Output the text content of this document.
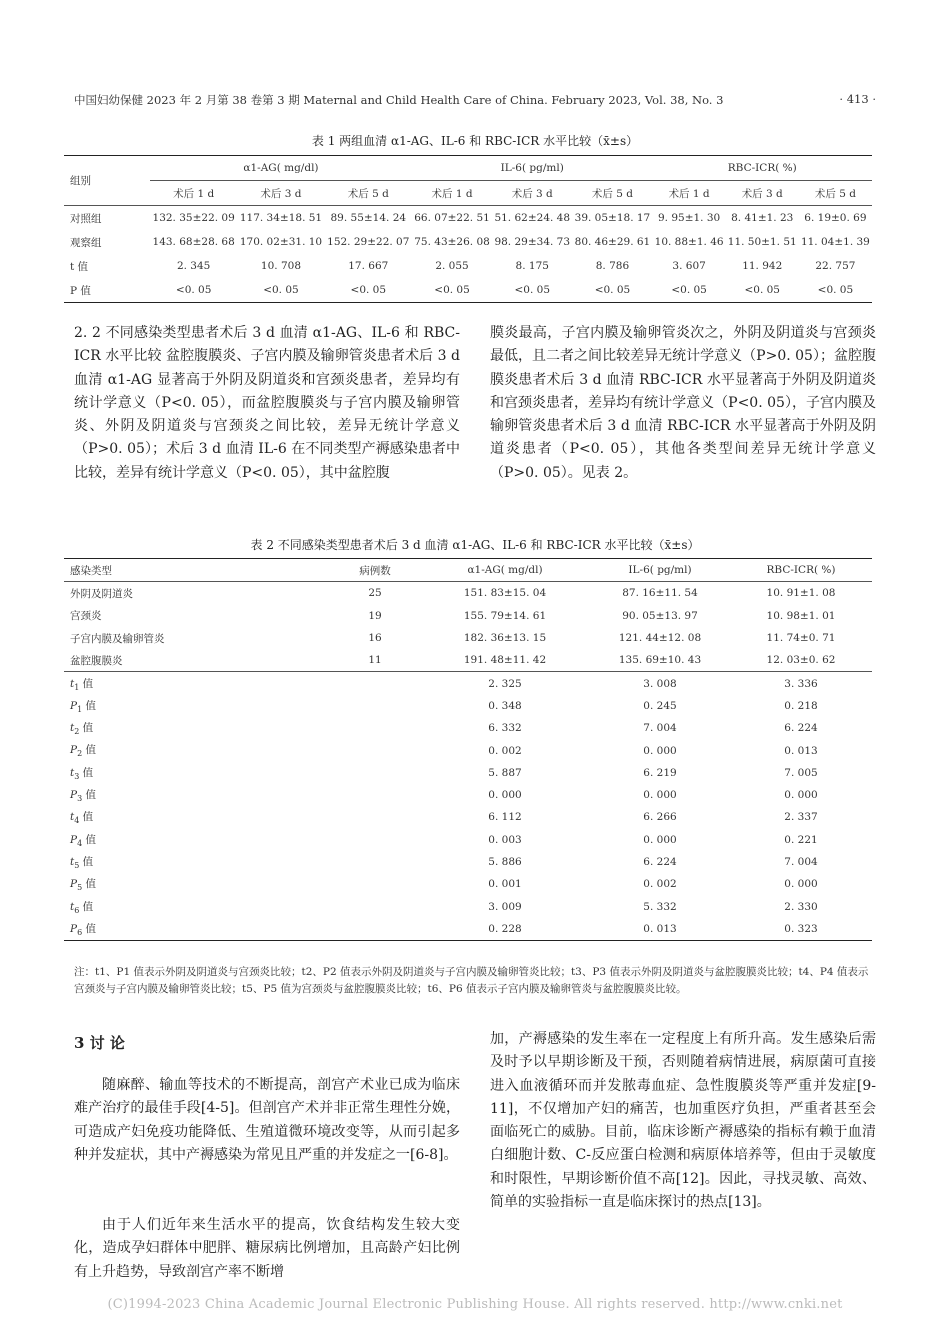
中国妇幼保健 2023 年 2 月第 38 卷第 3 期 Maternal and Child Health Care of China. February 2023, Vol. 38, No. 3	· 413 ·
表 1 两组血清 α1-AG、IL-6 和 RBC-ICR 水平比较（x̄±s）
组别	α1-AG( mg/dl)			IL-6( pg/ml)			RBC-ICR( %)		
	术后 1 d	术后 3 d	术后 5 d	术后 1 d	术后 3 d	术后 5 d	术后 1 d	术后 3 d	术后 5 d
对照组	132. 35±22. 09	117. 34±18. 51	89. 55±14. 24	66. 07±22. 51	51. 62±24. 48	39. 05±18. 17	9. 95±1. 30	8. 41±1. 23	6. 19±0. 69
观察组	143. 68±28. 68	170. 02±31. 10	152. 29±22. 07	75. 43±26. 08	98. 29±34. 73	80. 46±29. 61	10. 88±1. 46	11. 50±1. 51	11. 04±1. 39
t 值	2. 345	10. 708	17. 667	2. 055	8. 175	8. 786	3. 607	11. 942	22. 757
P 值	<0. 05	<0. 05	<0. 05	<0. 05	<0. 05	<0. 05	<0. 05	<0. 05	<0. 05
2. 2 不同感染类型患者术后 3 d 血清 α1-AG、IL-6 和 RBC-ICR 水平比较 盆腔腹膜炎、子宫内膜及输卵管炎患者术后 3 d 血清 α1-AG 显著高于外阴及阴道炎和宫颈炎患者，差异均有统计学意义（P<0. 05），而盆腔腹膜炎与子宫内膜及输卵管炎、外阴及阴道炎与宫颈炎之间比较，差异无统计学意义（P>0. 05）；术后 3 d 血清 IL-6 在不同类型产褥感染患者中比较，差异有统计学意义（P<0. 05），其中盆腔腹
膜炎最高，子宫内膜及输卵管炎次之，外阴及阴道炎与宫颈炎最低，且二者之间比较差异无统计学意义（P>0. 05）；盆腔腹膜炎患者术后 3 d 血清 RBC-ICR 水平显著高于外阴及阴道炎和宫颈炎患者，差异均有统计学意义（P<0. 05），子宫内膜及输卵管炎患者术后 3 d 血清 RBC-ICR 水平显著高于外阴及阴道炎患者（P<0. 05），其他各类型间差异无统计学意义（P>0. 05）。见表 2。
表 2 不同感染类型患者术后 3 d 血清 α1-AG、IL-6 和 RBC-ICR 水平比较（x̄±s）
感染类型	病例数	α1-AG( mg/dl)	IL-6( pg/ml)	RBC-ICR( %)
外阴及阴道炎	25	151. 83±15. 04	87. 16±11. 54	10. 91±1. 08
宫颈炎	19	155. 79±14. 61	90. 05±13. 97	10. 98±1. 01
子宫内膜及输卵管炎	16	182. 36±13. 15	121. 44±12. 08	11. 74±0. 71
盆腔腹膜炎	11	191. 48±11. 42	135. 69±10. 43	12. 03±0. 62
$t_1$ 值		2. 325	3. 008	3. 336
$P_1$ 值		0. 348	0. 245	0. 218
$t_2$ 值		6. 332	7. 004	6. 224
$P_2$ 值		0. 002	0. 000	0. 013
$t_3$ 值		5. 887	6. 219	7. 005
$P_3$ 值		0. 000	0. 000	0. 000
$t_4$ 值		6. 112	6. 266	2. 337
$P_4$ 值		0. 003	0. 000	0. 221
$t_5$ 值		5. 886	6. 224	7. 004
$P_5$ 值		0. 001	0. 002	0. 000
$t_6$ 值		3. 009	5. 332	2. 330
$P_6$ 值		0. 228	0. 013	0. 323
注：t1、P1 值表示外阴及阴道炎与宫颈炎比较；t2、P2 值表示外阴及阴道炎与子宫内膜及输卵管炎比较；t3、P3 值表示外阴及阴道炎与盆腔腹膜炎比较；t4、P4 值表示宫颈炎与子宫内膜及输卵管炎比较；t5、P5 值为宫颈炎与盆腔腹膜炎比较；t6、P6 值表示子宫内膜及输卵管炎与盆腔腹膜炎比较。
3 讨 论
随麻醉、输血等技术的不断提高，剖宫产术业已成为临床难产治疗的最佳手段[4-5]。但剖宫产术并非正常生理性分娩，可造成产妇免疫功能降低、生殖道微环境改变等，从而引起多种并发症状，其中产褥感染为常见且严重的并发症之一[6-8]。
由于人们近年来生活水平的提高，饮食结构发生较大变化，造成孕妇群体中肥胖、糖尿病比例增加，且高龄产妇比例有上升趋势，导致剖宫产率不断增
加，产褥感染的发生率在一定程度上有所升高。发生感染后需及时予以早期诊断及干预，否则随着病情进展，病原菌可直接进入血液循环而并发脓毒血症、急性腹膜炎等严重并发症[9-11]，不仅增加产妇的痛苦，也加重医疗负担，严重者甚至会面临死亡的威胁。目前，临床诊断产褥感染的指标有赖于血清白细胞计数、C-反应蛋白检测和病原体培养等，但由于灵敏度和时限性，早期诊断价值不高[12]。因此，寻找灵敏、高效、简单的实验指标一直是临床探讨的热点[13]。
(C)1994-2023 China Academic Journal Electronic Publishing House. All rights reserved. http://www.cnki.net
